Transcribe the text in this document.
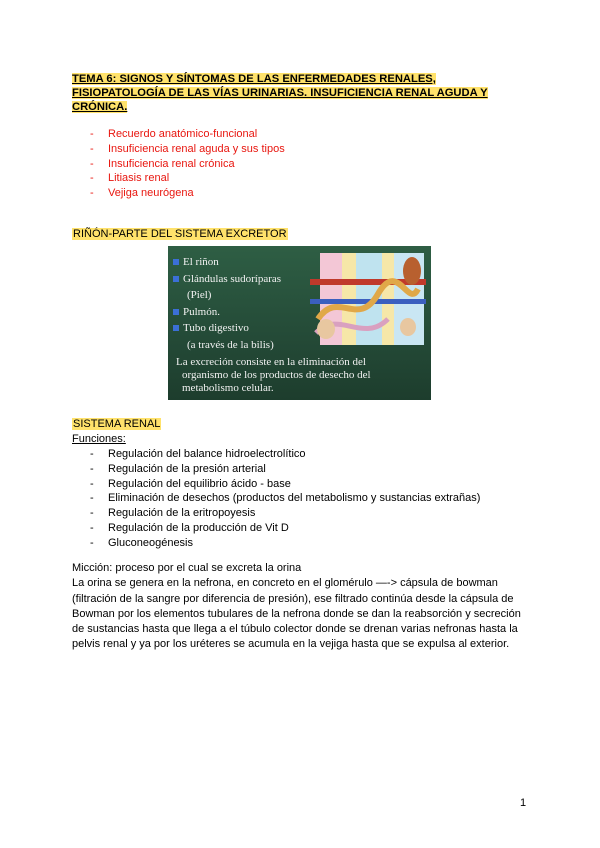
TEMA 6: SIGNOS Y SÍNTOMAS DE LAS ENFERMEDADES RENALES, FISIOPATOLOGÍA DE LAS VÍAS URINARIAS. INSUFICIENCIA RENAL AGUDA Y CRÓNICA.
- Recuerdo anatómico-funcional
- Insuficiencia renal aguda y sus tipos
- Insuficiencia renal crónica
- Litiasis renal
- Vejiga neurógena
RIÑÓN-PARTE DEL SISTEMA EXCRETOR
El riñon
Glándulas sudoríparas
(Piel)
Pulmón.
Tubo digestivo
(a través de la bilis)
La excreción consiste en la eliminación del
organismo de los productos de desecho del
metabolismo celular.
SISTEMA RENAL
Funciones:
- Regulación del balance hidroelectrolítico
- Regulación de la presión arterial
- Regulación del equilibrio ácido - base
- Eliminación de desechos (productos del metabolismo y sustancias extrañas)
- Regulación de la eritropoyesis
- Regulación de la producción de Vit D
- Gluconeogénesis

Micción: proceso por el cual se excreta la orina

La orina se genera en la nefrona, en concreto en el glomérulo —-> cápsula de bowman (filtración de la sangre por diferencia de presión), ese filtrado continúa desde la cápsula de Bowman por los elementos tubulares de la nefrona donde se dan la reabsorción y secreción de sustancias hasta que llega a el túbulo colector donde se drenan varias nefronas hasta la pelvis renal y ya por los uréteres se acumula en la vejiga hasta que se expulsa al exterior.

1
